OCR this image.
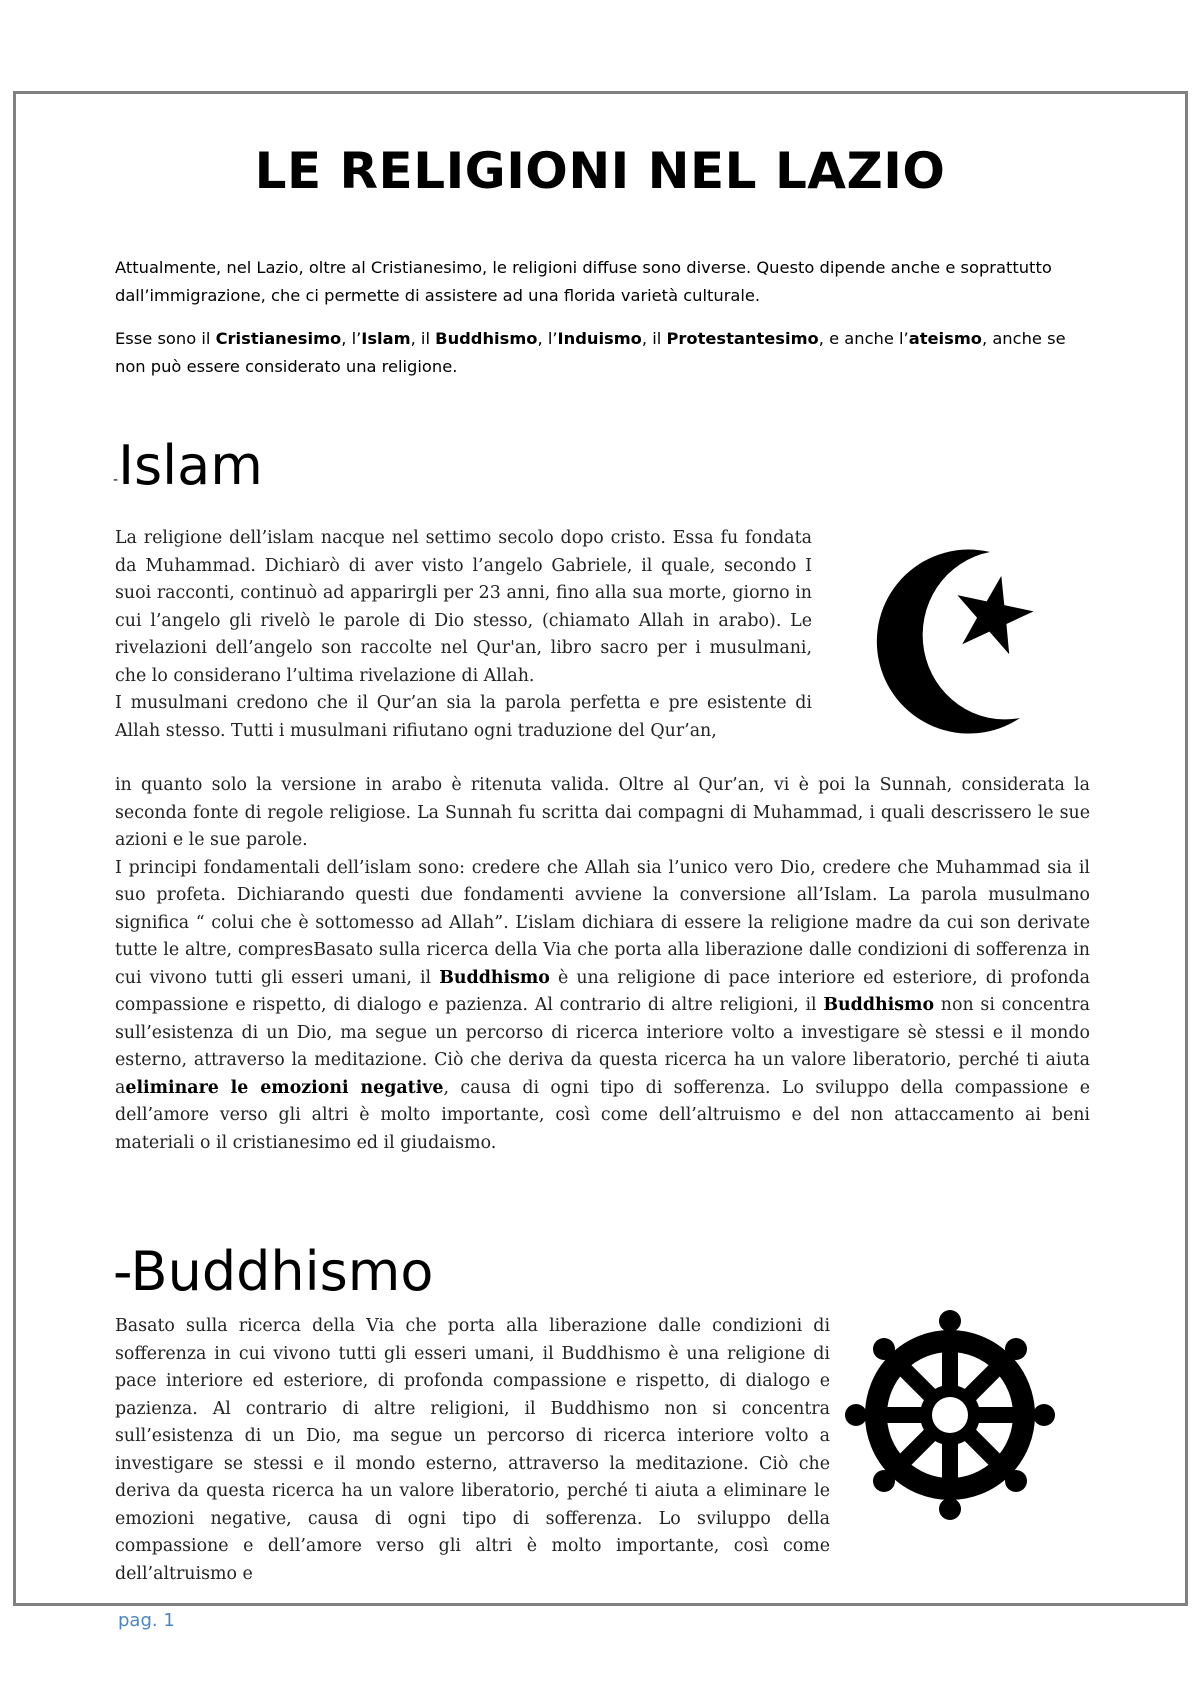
LE RELIGIONI NEL LAZIO

Attualmente, nel Lazio, oltre al Cristianesimo, le religioni diffuse sono diverse. Questo dipende anche e soprattutto dall’immigrazione, che ci permette di assistere ad una florida varietà culturale.

Esse sono il Cristianesimo, l’Islam, il Buddhismo, l’Induismo, il Protestantesimo, e anche l’ateismo, anche se non può essere considerato una religione.

-Islam

La religione dell’islam nacque nel settimo secolo dopo cristo. Essa fu fondata da Muhammad. Dichiarò di aver visto l’angelo Gabriele, il quale, secondo I suoi racconti, continuò ad apparirgli per 23 anni, fino alla sua morte, giorno in cui l’angelo gli rivelò le parole di Dio stesso, (chiamato Allah in arabo). Le rivelazioni dell’angelo son raccolte nel Qur'an, libro sacro per i musulmani, che lo considerano l’ultima rivelazione di Allah.

I musulmani credono che il Qur’an sia la parola perfetta e pre esistente di Allah stesso. Tutti i musulmani rifiutano ogni traduzione del Qur’an,

in quanto solo la versione in arabo è ritenuta valida. Oltre al Qur’an, vi è poi la Sunnah, considerata la seconda fonte di regole religiose. La Sunnah fu scritta dai compagni di Muhammad, i quali descrissero le sue azioni e le sue parole.

I principi fondamentali dell’islam sono: credere che Allah sia l’unico vero Dio, credere che Muhammad sia il suo profeta. Dichiarando questi due fondamenti avviene la conversione all’Islam. La parola musulmano significa “ colui che è sottomesso ad Allah”. L’islam dichiara di essere la religione madre da cui son derivate tutte le altre, compresBasato sulla ricerca della Via che porta alla liberazione dalle condizioni di sofferenza in cui vivono tutti gli esseri umani, il Buddhismo è una religione di pace interiore ed esteriore, di profonda compassione e rispetto, di dialogo e pazienza. Al contrario di altre religioni, il Buddhismo non si concentra sull’esistenza di un Dio, ma segue un percorso di ricerca interiore volto a investigare sè stessi e il mondo esterno, attraverso la meditazione. Ciò che deriva da questa ricerca ha un valore liberatorio, perché ti aiuta aeliminare le emozioni negative, causa di ogni tipo di sofferenza. Lo sviluppo della compassione e dell’amore verso gli altri è molto importante, così come dell’altruismo e del non attaccamento ai beni materiali o il cristianesimo ed il giudaismo.

-Buddhismo

Basato sulla ricerca della Via che porta alla liberazione dalle condizioni di sofferenza in cui vivono tutti gli esseri umani, il Buddhismo è una religione di pace interiore ed esteriore, di profonda compassione e rispetto, di dialogo e pazienza. Al contrario di altre religioni, il Buddhismo non si concentra sull’esistenza di un Dio, ma segue un percorso di ricerca interiore volto a investigare se stessi e il mondo esterno, attraverso la meditazione. Ciò che deriva da questa ricerca ha un valore liberatorio, perché ti aiuta a eliminare le emozioni negative, causa di ogni tipo di sofferenza. Lo sviluppo della compassione e dell’amore verso gli altri è molto importante, così come dell’altruismo e

pag. 1
